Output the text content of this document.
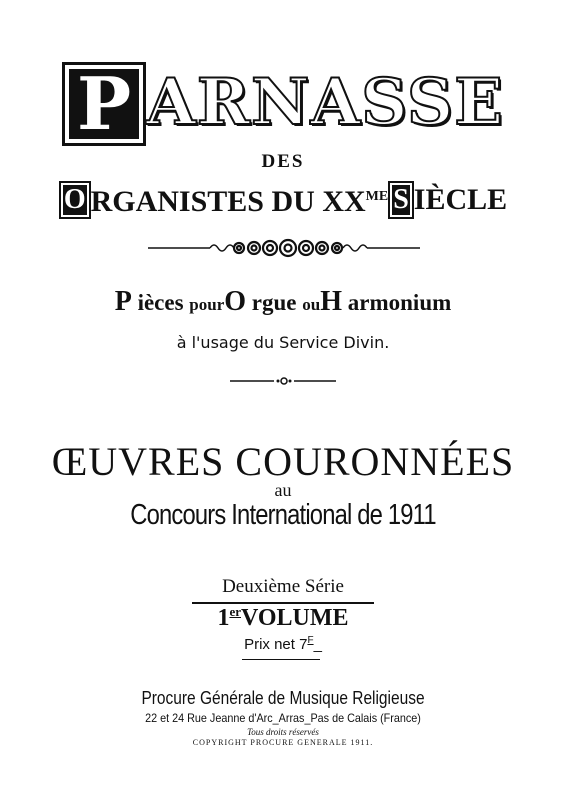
P ARNASSE
DES
O RGANISTES DU $XX^{ME}$ S IÈCLE
P ièces pourO rgue ouH armonium
à l'usage du Service Divin.
ŒUVRES COURONNÉES
au
Concours International de 1911
Deuxième Série
1erVOLUME
Prix net $7^F\_$
Procure Générale de Musique Religieuse
22 et 24 Rue Jeanne d'Arc_Arras_Pas de Calais (France)
Tous droits réservés
COPYRIGHT PROCURE GENERALE 1911.
